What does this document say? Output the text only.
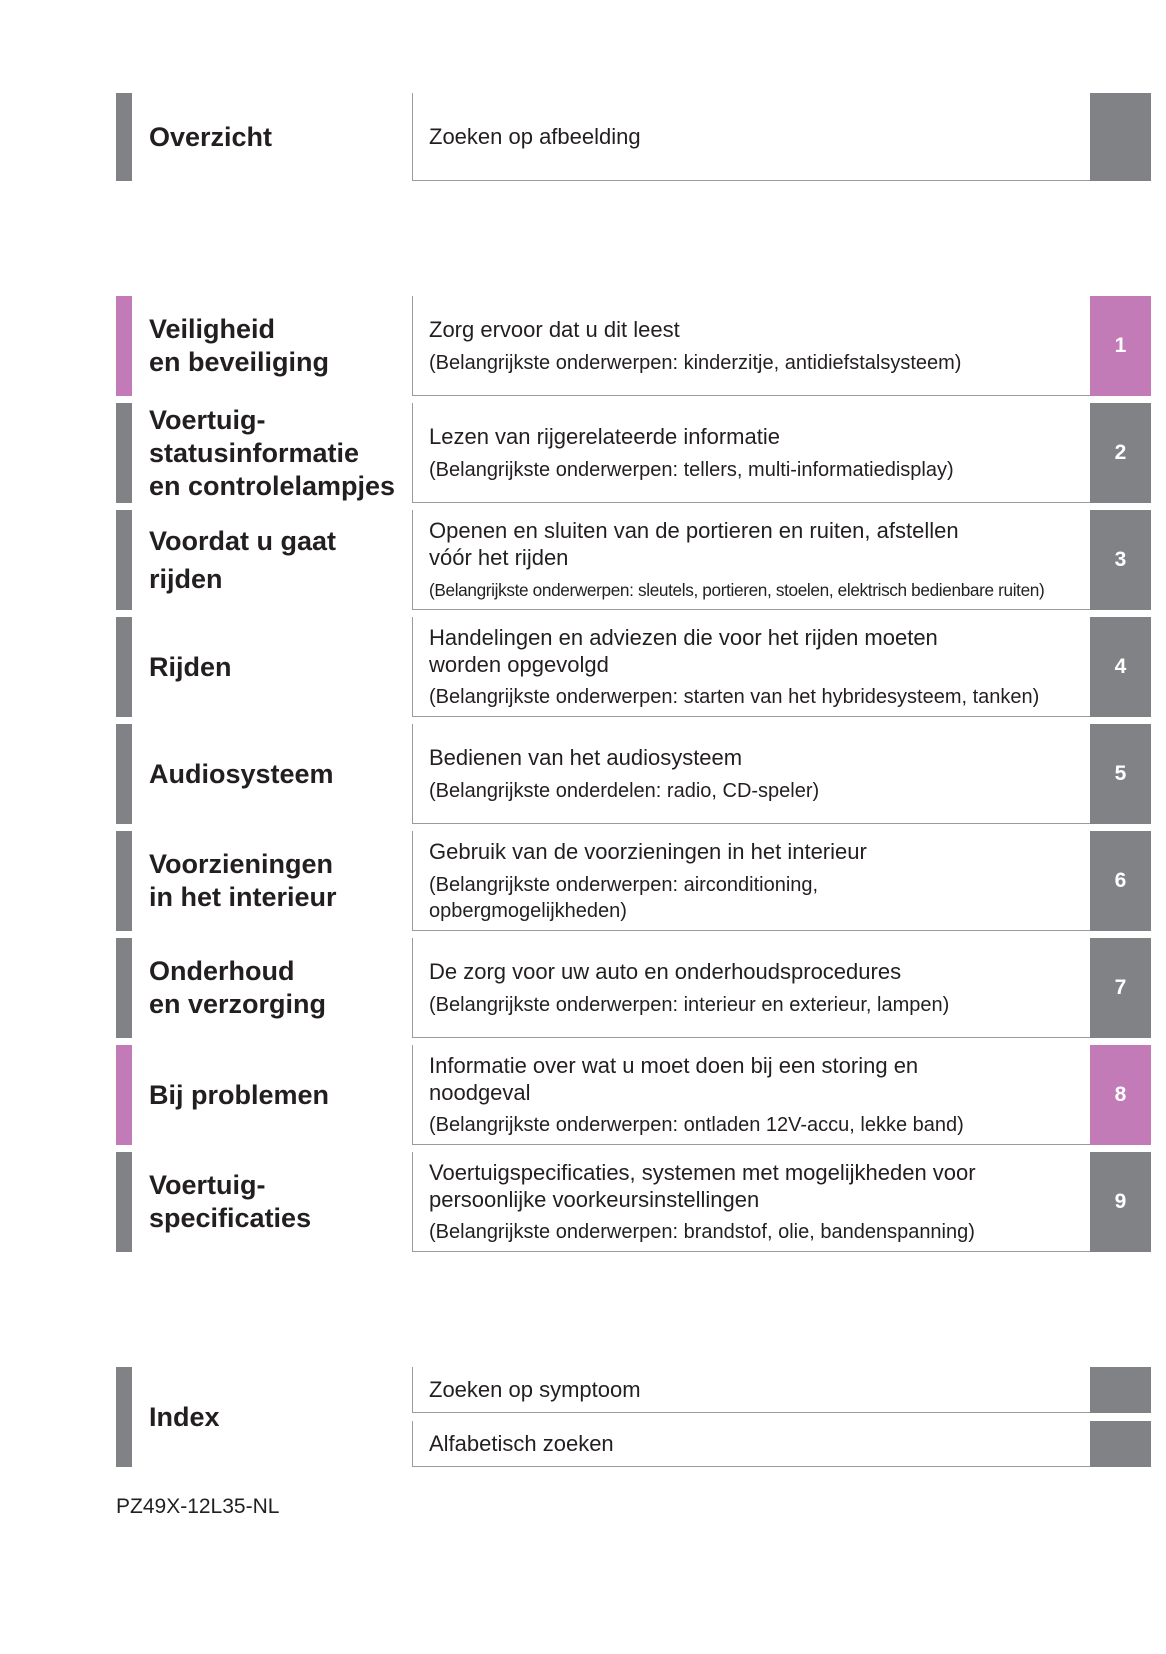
Overzicht	Zoeken op afbeelding
Veiligheid
en beveiliging
Zorg ervoor dat u dit leest
(Belangrijkste onderwerpen: kinderzitje, antidiefstalsysteem)
1
Voertuig-
statusinformatie
en controlelampjes
Lezen van rijgerelateerde informatie
(Belangrijkste onderwerpen: tellers, multi-informatiedisplay)
2
Voordat u gaat
rijden
Openen en sluiten van de portieren en ruiten, afstellen
vóór het rijden
(Belangrijkste onderwerpen: sleutels, portieren, stoelen, elektrisch bedienbare ruiten)
3
Rijden
Handelingen en adviezen die voor het rijden moeten
worden opgevolgd
(Belangrijkste onderwerpen: starten van het hybridesysteem, tanken)
4
Audiosysteem
Bedienen van het audiosysteem
(Belangrijkste onderdelen: radio, CD-speler)
5
Voorzieningen
in het interieur
Gebruik van de voorzieningen in het interieur
(Belangrijkste onderwerpen: airconditioning,
opbergmogelijkheden)
6
Onderhoud
en verzorging
De zorg voor uw auto en onderhoudsprocedures
(Belangrijkste onderwerpen: interieur en exterieur, lampen)
7
Bij problemen
Informatie over wat u moet doen bij een storing en
noodgeval
(Belangrijkste onderwerpen: ontladen 12V-accu, lekke band)
8
Voertuig-
specificaties
Voertuigspecificaties, systemen met mogelijkheden voor
persoonlijke voorkeursinstellingen
(Belangrijkste onderwerpen: brandstof, olie, bandenspanning)
9
Index
Zoeken op symptoom
Alfabetisch zoeken
PZ49X-12L35-NL
